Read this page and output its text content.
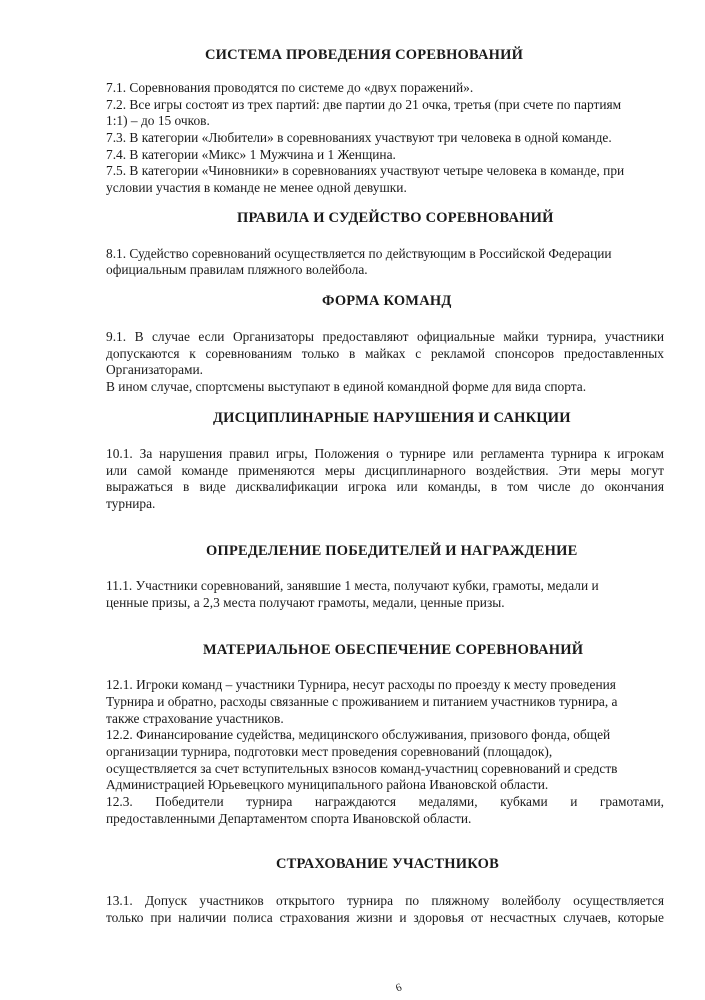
СИСТЕМА ПРОВЕДЕНИЯ СОРЕВНОВАНИЙ

7.1. Соревнования проводятся по системе до «двух поражений».

7.2. Все игры состоят из трех партий: две партии до 21 очка, третья (при счете по партиям

1:1) – до 15 очков.

7.3. В категории «Любители» в соревнованиях участвуют три человека в одной команде.

7.4. В категории «Микс» 1 Мужчина и 1 Женщина.

7.5. В категории «Чиновники» в соревнованиях участвуют четыре человека в команде, при

условии участия в команде не менее одной девушки.

ПРАВИЛА И СУДЕЙСТВО СОРЕВНОВАНИЙ

8.1. Судейство соревнований осуществляется по действующим в Российской Федерации

официальным правилам пляжного волейбола.

ФОРМА КОМАНД

9.1. В случае если Организаторы предоставляют официальные майки турнира, участники

допускаются к соревнованиям только в майках с рекламой спонсоров предоставленных

Организаторами.

В ином случае, спортсмены выступают в единой командной форме для вида спорта.

ДИСЦИПЛИНАРНЫЕ НАРУШЕНИЯ И САНКЦИИ

10.1. За нарушения правил игры, Положения о турнире или регламента турнира к игрокам

или самой команде применяются меры дисциплинарного воздействия. Эти меры могут

выражаться в виде дисквалификации игрока или команды, в том числе до окончания

турнира.

ОПРЕДЕЛЕНИЕ ПОБЕДИТЕЛЕЙ И НАГРАЖДЕНИЕ

11.1. Участники соревнований, занявшие 1 места, получают кубки, грамоты, медали и

ценные призы, а 2,3 места получают грамоты, медали, ценные призы.

МАТЕРИАЛЬНОЕ ОБЕСПЕЧЕНИЕ СОРЕВНОВАНИЙ

12.1. Игроки команд – участники Турнира, несут расходы по проезду к месту проведения

Турнира и обратно, расходы связанные с проживанием и питанием участников турнира, а

также страхование участников.

12.2. Финансирование судейства, медицинского обслуживания, призового фонда, общей

организации турнира, подготовки мест проведения соревнований (площадок),

осуществляется за счет вступительных взносов команд-участниц соревнований и средств

Администрацией Юрьевецкого муниципального района Ивановской области.

12.3. Победители турнира награждаются медалями, кубками и грамотами,

предоставленными Департаментом спорта Ивановской области.

СТРАХОВАНИЕ УЧАСТНИКОВ

13.1. Допуск участников открытого турнира по пляжному волейболу осуществляется

только при наличии полиса страхования жизни и здоровья от несчастных случаев, которые

6
